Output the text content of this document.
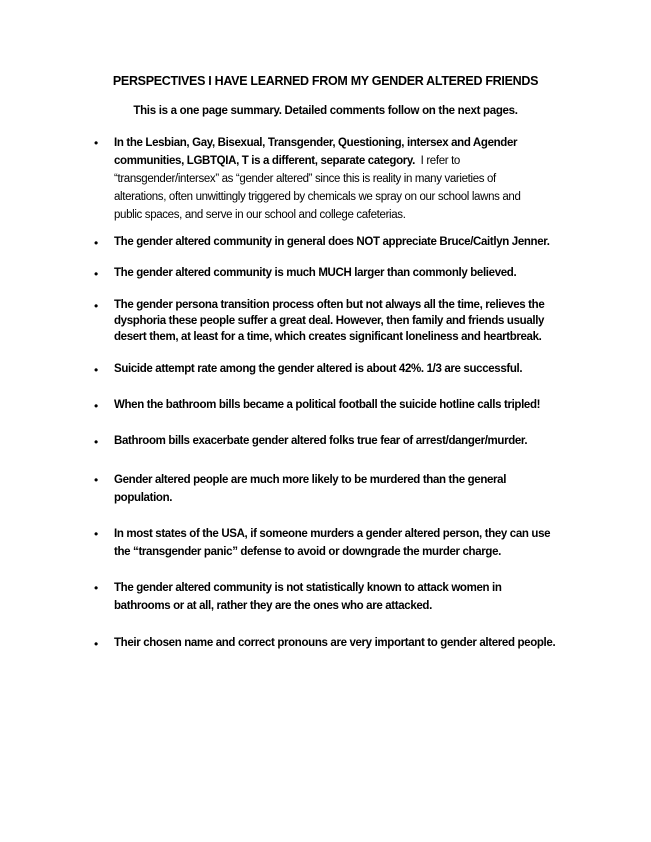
PERSPECTIVES I HAVE LEARNED FROM MY GENDER ALTERED FRIENDS
This is a one page summary. Detailed comments follow on the next pages.
• In the Lesbian, Gay, Bisexual, Transgender, Questioning, intersex and Agender
communities, LGBTQIA, T is a different, separate category. I refer to
“transgender/intersex” as “gender altered” since this is reality in many varieties of
alterations, often unwittingly triggered by chemicals we spray on our school lawns and
public spaces, and serve in our school and college cafeterias.
• The gender altered community in general does NOT appreciate Bruce/Caitlyn Jenner.
• The gender altered community is much MUCH larger than commonly believed.
• The gender persona transition process often but not always all the time, relieves the
dysphoria these people suffer a great deal. However, then family and friends usually
desert them, at least for a time, which creates significant loneliness and heartbreak.
• Suicide attempt rate among the gender altered is about 42%. 1/3 are successful.
• When the bathroom bills became a political football the suicide hotline calls tripled!
• Bathroom bills exacerbate gender altered folks true fear of arrest/danger/murder.
• Gender altered people are much more likely to be murdered than the general
population.
• In most states of the USA, if someone murders a gender altered person, they can use
the “transgender panic” defense to avoid or downgrade the murder charge.
• The gender altered community is not statistically known to attack women in
bathrooms or at all, rather they are the ones who are attacked.
• Their chosen name and correct pronouns are very important to gender altered people.
